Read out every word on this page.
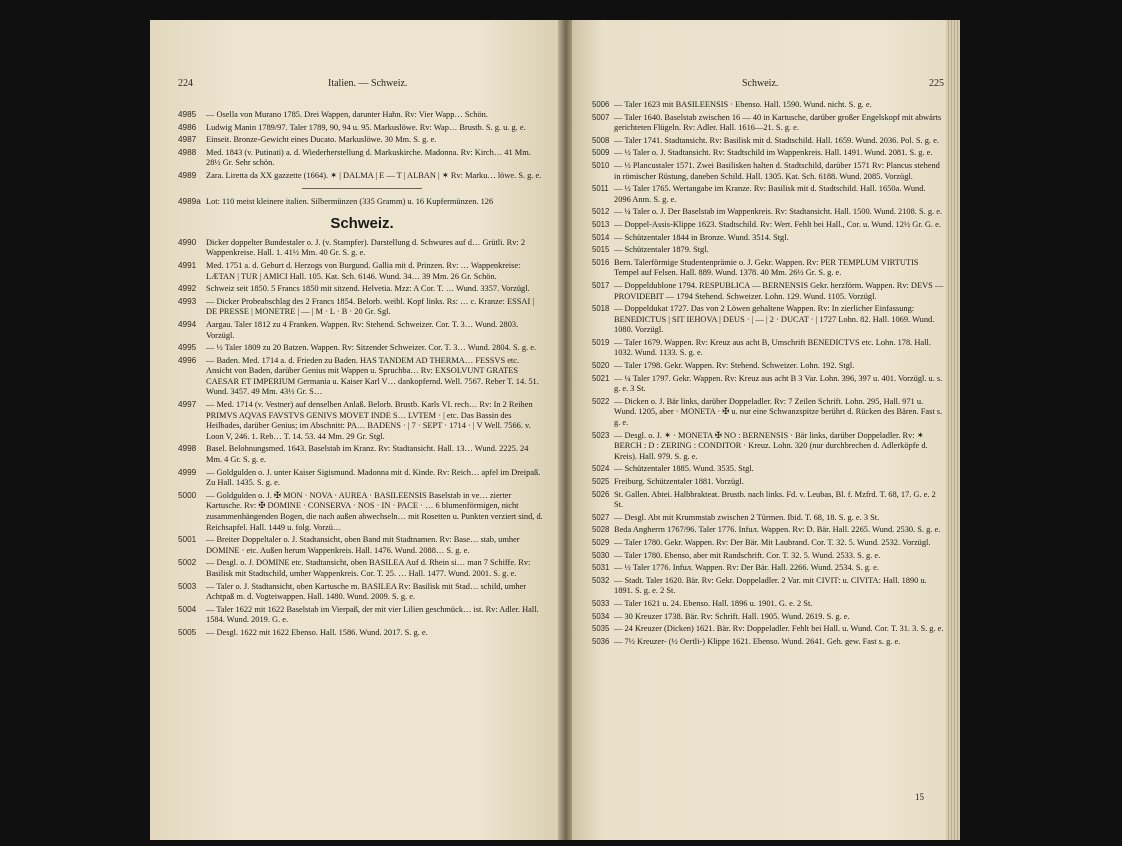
224	Italien. — Schweiz.
4985	— Osella von Murano 1785. Drei Wappen, darunter Hahn. Rv: Vier Wapp… Schön.
4986	Ludwig Manin 1789/97. Taler 1789, 90, 94 u. 95. Markuslöwe. Rv: Wap… Brustb. S. g. u. g. e.
4987	Einseit. Bronze-Gewicht eines Ducato. Markuslöwe. 30 Mm. S. g. e.
4988	Med. 1843 (v. Putinati) a. d. Wiederherstellung d. Markuskirche. Madonna. Rv: Kirch… 41 Mm. 28½ Gr. Sehr schön.
4989	Zara. Liretta da XX gazzette (1664). ✶ | DALMA | E — T | ALBAN | ✶ Rv: Marku… löwe. S. g. e.
4989a Lot: 110 meist kleinere italien. Silbermünzen (335 Gramm) u. 16 Kupfermünzen. 126
Schweiz.
4990	Dicker doppelter Bundestaler o. J. (v. Stampfer). Darstellung d. Schwures auf d… Grütli. Rv: 2 Wappenkreise. Hall. 1. 41½ Mm. 40 Gr. S. g. e.
4991	Med. 1751 a. d. Geburt d. Herzogs von Burgund. Gallia mit d. Prinzen. Rv: … Wappenkreise: LÆTAN | TUR | AMICI Hall. 105. Kat. Sch. 6146. Wund. 34… 39 Mm. 26 Gr. Schön.
4992	Schweiz seit 1850. 5 Francs 1850 mit sitzend. Helvetia. Mzz: A Cor. T. … Wund. 3357. Vorzügl.
4993	— Dicker Probeabschlag des 2 Francs 1854. Belorb. weibl. Kopf links. Rs: … c. Kranze: ESSAI | DE PRESSE | MONETRE | — | M · L · B · 20 Gr. Sgl.
4994	Aargau. Taler 1812 zu 4 Franken. Wappen. Rv: Stehend. Schweizer. Cor. T. 3… Wund. 2803. Vorzügl.
4995	— ½ Taler 1809 zu 20 Batzen. Wappen. Rv: Sitzender Schweizer. Cor. T. 3… Wund. 2804. S. g. e.
4996	— Baden. Med. 1714 a. d. Frieden zu Baden. HAS TANDEM AD THERMA… FESSVS etc. Ansicht von Baden, darüber Genius mit Wappen u. Spruchba… Rv: EXSOLVUNT GRATES CAESAR ET IMPERIUM Germania u. Kaiser Karl V… dankopfernd. Well. 7567. Reber T. 14. 51. Wund. 3457. 49 Mm. 43½ Gr. S…
4997	— Med. 1714 (v. Vestner) auf denselben Anlaß. Belorb. Brustb. Karls VI. rech… Rv: In 2 Reihen PRIMVS AQVAS FAVSTVS GENIVS MOVET INDE S… LVTEM · | etc. Das Bassin des Heilbades, darüber Genius; im Abschnitt: PA… BADENS · | 7 · SEPT · 1714 · | V Well. 7566. v. Loon V, 246. 1. Reb… T. 14. 53. 44 Mm. 29 Gr. Stgl.
4998	Basel. Belohnungsmed. 1643. Baselstab im Kranz. Rv: Stadtansicht. Hall. 13… Wund. 2225. 24 Mm. 4 Gr. S. g. e.
4999	— Goldgulden o. J. unter Kaiser Sigismund. Madonna mit d. Kinde. Rv: Reich… apfel im Dreipaß. Zu Hall. 1435. S. g. e.
5000	— Goldgulden o. J. ✠ MON · NOVA · AUREA · BASILEENSIS Baselstab in ve… zierter Kartusche. Rv: ✠ DOMINE · CONSERVA · NOS · IN · PACE · … 6 blumenförmigen, nicht zusammenhängenden Bogen, die nach außen abwechseln… mit Rosetten u. Punkten verziert sind, d. Reichsapfel. Hall. 1449 u. folg. Vorzü…
5001	— Breiter Doppeltaler o. J. Stadtansicht, oben Band mit Stadtnamen. Rv: Base… stab, umher DOMINE · etc. Außen herum Wappenkreis. Hall. 1476. Wund. 2088… S. g. e.
5002	— Desgl. o. J. DOMINE etc. Stadtansicht, oben BASILEA Auf d. Rhein si… man 7 Schiffe. Rv: Basilisk mit Stadtschild, umher Wappenkreis. Cor. T. 25. … Hall. 1477. Wund. 2001. S. g. e.
5003	— Taler o. J. Stadtansicht, oben Kartusche m. BASILEA Rv: Basilisk mit Stad… schild, umher Achtpaß m. d. Vogteiwappen. Hall. 1480. Wund. 2009. S. g. e.
5004	— Taler 1622 mit 1622 Baselstab im Vierpaß, der mit vier Lilien geschmück… ist. Rv: Adler. Hall. 1584. Wund. 2019. G. e.
5005	— Desgl. 1622 mit 1622 Ebenso. Hall. 1586. Wund. 2017. S. g. e.
Schweiz.	225
5006 — Taler 1623 mit BASILEENSIS · Ebenso. Hall. 1590. Wund. nicht. S. g. e.
5007 — Taler 1640. Baselstab zwischen 16 — 40 in Kartusche, darüber großer Engelskopf mit abwärts gerichteten Flügeln. Rv: Adler. Hall. 1616—21. S. g. e.
5008 — Taler 1741. Stadtansicht. Rv: Basilisk mit d. Stadtschild. Hall. 1659. Wund. 2036. Pol. S. g. e.
5009 — ½ Taler o. J. Stadtansicht. Rv: Stadtschild im Wappenkreis. Hall. 1491. Wund. 2081. S. g. e.
5010 — ½ Plancustaler 1571. Zwei Basilisken halten d. Stadtschild, darüber 1571 Rv: Plancus stehend in römischer Rüstung, daneben Schild. Hall. 1305. Kat. Sch. 6188. Wund. 2085. Vorzügl.
5011 — ½ Taler 1765. Wertangabe im Kranze. Rv: Basilisk mit d. Stadtschild. Hall. 1650a. Wund. 2096 Anm. S. g. e.
5012 — ¼ Taler o. J. Der Baselstab im Wappenkreis. Rv: Stadtansicht. Hall. 1500. Wund. 2108. S. g. e.
5013 — Doppel-Assis-Klippe 1623. Stadtschild. Rv: Wert. Fehlt bei Hall., Cor. u. Wund. 12½ Gr. G. e.
5014 — Schützentaler 1844 in Bronze. Wund. 3514. Stgl.
5015 — Schützentaler 1879. Stgl.
5016 Bern. Talerförmige Studentenprämie o. J. Gekr. Wappen. Rv: PER TEMPLUM VIRTUTIS Tempel auf Felsen. Hall. 889. Wund. 1378. 40 Mm. 26½ Gr. S. g. e.
5017 — Doppeldublone 1794. RESPUBLICA — BERNENSIS Gekr. herzförm. Wappen. Rv: DEVS — PROVIDEBIT — 1794 Stehend. Schweizer. Lohn. 129. Wund. 1105. Vorzügl.
5018 — Doppeldukat 1727. Das von 2 Löwen gehaltene Wappen. Rv: In zierlicher Einfassung: BENEDICTUS | SIT IEHOVA | DEUS · | — | 2 · DUCAT · | 1727 Lohn. 82. Hall. 1069. Wund. 1080. Vorzügl.
5019 — Taler 1679. Wappen. Rv: Kreuz aus acht B, Umschrift BENEDICTVS etc. Lohn. 178. Hall. 1032. Wund. 1133. S. g. e.
5020 — Taler 1798. Gekr. Wappen. Rv: Stehend. Schweizer. Lohn. 192. Stgl.
5021 — ¼ Taler 1797. Gekr. Wappen. Rv: Kreuz aus acht B 3 Var. Lohn. 396, 397 u. 401. Vorzügl. u. s. g. e. 3 St.
5022 — Dicken o. J. Bär links, darüber Doppeladler. Rv: 7 Zeilen Schrift. Lohn. 295, Hall. 971 u. Wund. 1205, aber · MONETA · ✠ u. nur eine Schwanzspitze berührt d. Rücken des Bären. Fast s. g. e.
5023 — Desgl. o. J. ✶ · MONETA ✠ NO : BERNENSIS · Bär links, darüber Doppeladler. Rv: ✶ BERCH : D : ZERING : CONDITOR · Kreuz. Lohn. 320 (nur durchbrechen d. Adlerköpfe d. Kreis). Hall. 979. S. g. e.
5024 — Schützentaler 1885. Wund. 3535. Stgl.
5025 Freiburg. Schützentaler 1881. Vorzügl.
5026 St. Gallen. Abtei. Halbbrakteat. Brustb. nach links. Fd. v. Leubas, Bl. f. Mzfrd. T. 68, 17. G. e. 2 St.
5027 — Desgl. Abt mit Krummstab zwischen 2 Türmen. Ibid. T. 68, 18. S. g. e. 3 St.
5028 Beda Angherrn 1767/96. Taler 1776. Infuл. Wappen. Rv: D. Bär. Hall. 2265. Wund. 2530. S. g. e.
5029 — Taler 1780. Gekr. Wappen. Rv: Der Bär. Mit Laubrand. Cor. T. 32. 5. Wund. 2532. Vorzügl.
5030 — Taler 1780. Ebenso, aber mit Randschrift. Cor. T. 32. 5. Wund. 2533. S. g. e.
5031 — ½ Taler 1776. Infuл. Wappen. Rv: Der Bär. Hall. 2266. Wund. 2534. S. g. e.
5032 — Stadt. Taler 1620. Bär. Rv: Gekr. Doppeladler. 2 Var. mit CIVIT: u. CIVITA: Hall. 1890 u. 1891. S. g. e. 2 St.
5033 — Taler 1621 u. 24. Ebenso. Hall. 1896 u. 1901. G. e. 2 St.
5034 — 30 Kreuzer 1738. Bär. Rv: Schrift. Hall. 1905. Wund. 2619. S. g. e.
5035 — 24 Kreuzer (Dicken) 1621. Bär. Rv: Doppeladler. Fehlt bei Hall. u. Wund. Cor. T. 31. 3. S. g. e.
5036 — 7½ Kreuzer- (½ Oertli-) Klippe 1621. Ebenso. Wund. 2641. Geh. gew. Fast s. g. e.
15
